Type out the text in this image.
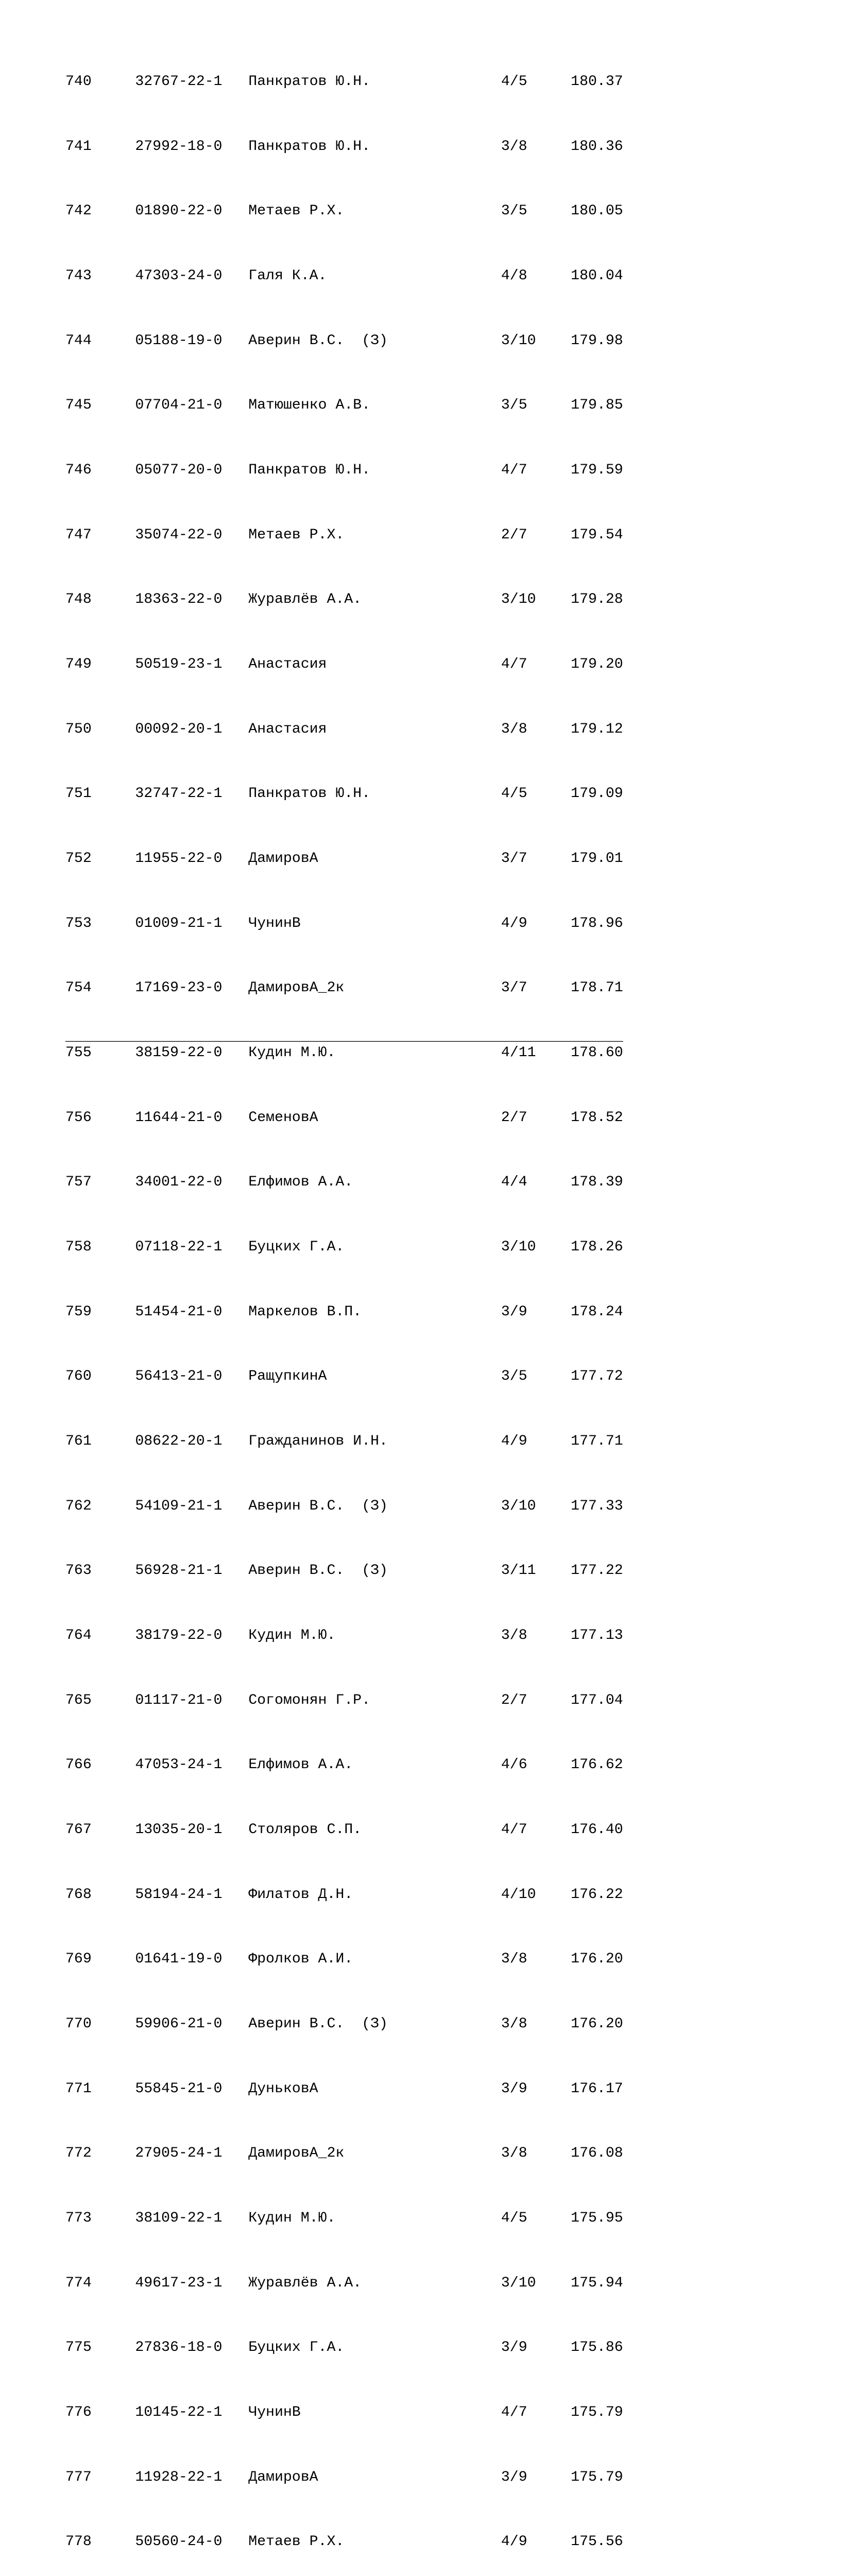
740	32767-22-1 Панкратов Ю.Н.	4/5	180.37

741	27992-18-0 Панкратов Ю.Н.	3/8	180.36

742	01890-22-0 Метаев Р.Х.	3/5	180.05

743	47303-24-0 Галя К.А.	4/8	180.04

744	05188-19-0 Аверин В.С.  (З)	3/10 179.98

745	07704-21-0 Матюшенко А.В.	3/5	179.85

746	05077-20-0 Панкратов Ю.Н.	4/7	179.59

747	35074-22-0 Метаев Р.Х.	2/7	179.54

748	18363-22-0 Журавлёв А.А.	3/10 179.28

749	50519-23-1 Анастасия	4/7	179.20

750	00092-20-1 Анастасия	3/8	179.12

751	32747-22-1 Панкратов Ю.Н.	4/5	179.09

752	11955-22-0 ДамировА	3/7	179.01

753	01009-21-1 ЧунинВ	4/9	178.96

754	17169-23-0 ДамировА_2к	3/7	178.71

755	38159-22-0 Кудин М.Ю.	4/11 178.60

756	11644-21-0 СеменовА	2/7	178.52

757	34001-22-0 Елфимов А.А.	4/4	178.39

758	07118-22-1 Буцких Г.А.	3/10 178.26

759	51454-21-0 Маркелов В.П.	3/9	178.24

760	56413-21-0 РащупкинА	3/5	177.72

761	08622-20-1 Гражданинов И.Н.	4/9	177.71

762	54109-21-1 Аверин В.С.  (З)	3/10 177.33

763	56928-21-1 Аверин В.С.  (З)	3/11 177.22

764	38179-22-0 Кудин М.Ю.	3/8	177.13

765	01117-21-0 Согомонян Г.Р.	2/7	177.04

766	47053-24-1 Елфимов А.А.	4/6	176.62

767	13035-20-1 Столяров С.П.	4/7	176.40

768	58194-24-1 Филатов Д.Н.	4/10 176.22

769	01641-19-0 Фролков А.И.	3/8	176.20

770	59906-21-0 Аверин В.С.  (З)	3/8	176.20

771	55845-21-0 ДуньковА	3/9	176.17

772	27905-24-1 ДамировА_2к	3/8	176.08

773	38109-22-1 Кудин М.Ю.	4/5	175.95

774	49617-23-1 Журавлёв А.А.	3/10 175.94

775	27836-18-0 Буцких Г.А.	3/9	175.86

776	10145-22-1 ЧунинВ	4/7	175.79

777	11928-22-1 ДамировА	3/9	175.79

778	50560-24-0 Метаев Р.Х.	4/9	175.56

________________________________________________________________
